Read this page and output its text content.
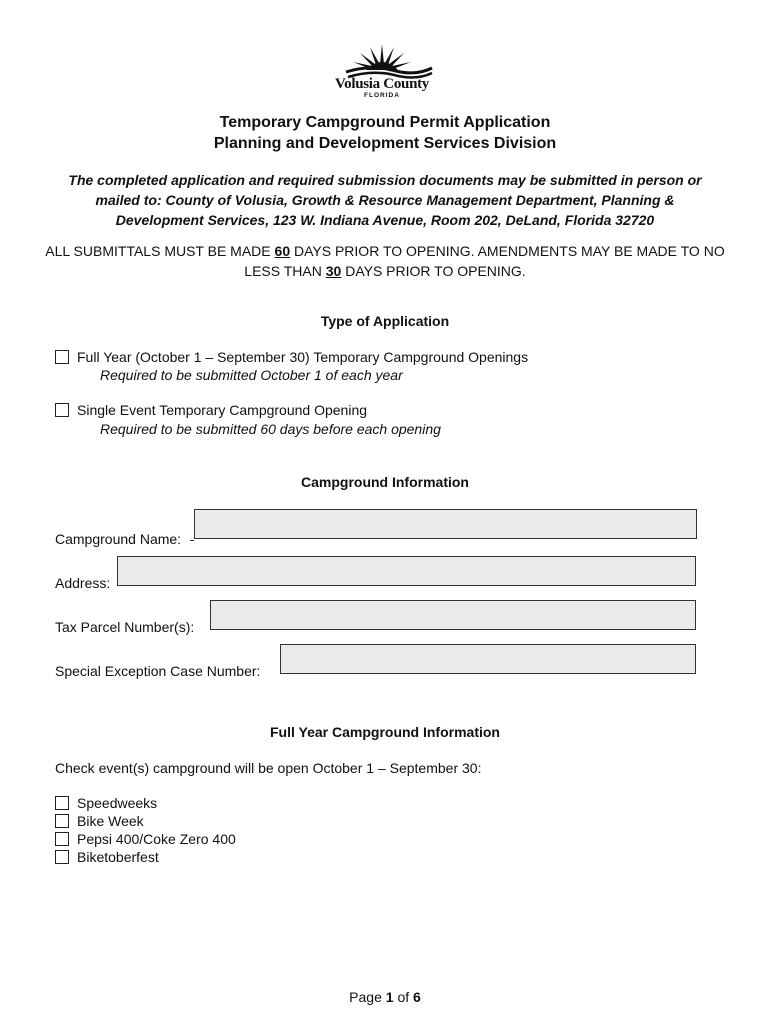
Volusia County
FLORIDA
Temporary Campground Permit Application
Planning and Development Services Division
The completed application and required submission documents may be submitted in person or
mailed to: County of Volusia, Growth & Resource Management Department, Planning &
Development Services, 123 W. Indiana Avenue, Room 202, DeLand, Florida 32720
ALL SUBMITTALS MUST BE MADE 60 DAYS PRIOR TO OPENING. AMENDMENTS MAY BE MADE TO NO LESS THAN 30 DAYS PRIOR TO OPENING.
Type of Application
Full Year (October 1 – September 30) Temporary Campground Openings
Required to be submitted October 1 of each year
Single Event Temporary Campground Opening
Required to be submitted 60 days before each opening
Campground Information
Campground Name:
Address:
Tax Parcel Number(s):
Special Exception Case Number:
Full Year Campground Information
Check event(s) campground will be open October 1 – September 30:
Speedweeks
Bike Week
Pepsi 400/Coke Zero 400
Biketoberfest
Page 1 of 6
